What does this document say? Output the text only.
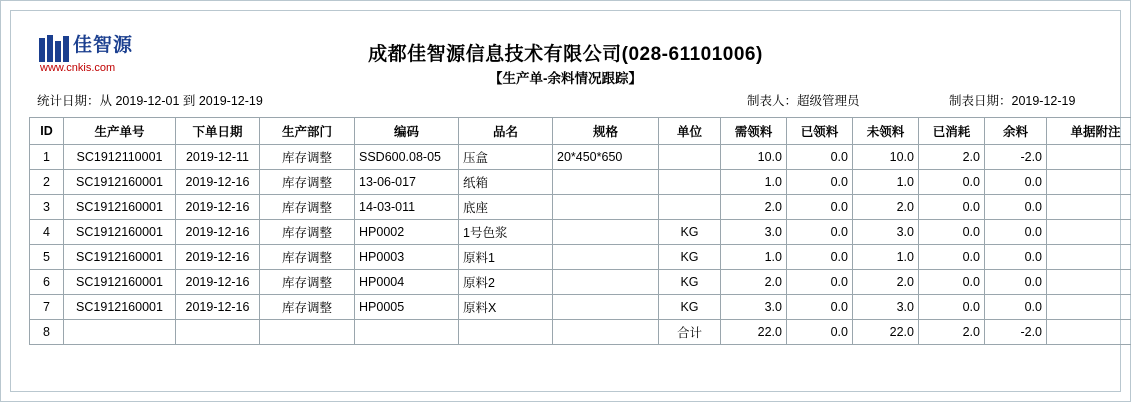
佳智源
www.cnkis.com
成都佳智源信息技术有限公司(028-61101006)
【生产单-余料情况跟踪】
统计日期：从 2019-12-01 到 2019-12-19	制表人：超级管理员	制表日期：2019-12-19
ID	生产单号	下单日期	生产部门	编码	品名	规格	单位	需领料	已领料	未领料	已消耗	余料	单据附注
1	SC1912110001	2019-12-11	库存调整	SSD600.08-05	压盒	20*450*650		10.0	0.0	10.0	2.0	-2.0	
2	SC1912160001	2019-12-16	库存调整	13-06-017	纸箱			1.0	0.0	1.0	0.0	0.0	
3	SC1912160001	2019-12-16	库存调整	14-03-011	底座			2.0	0.0	2.0	0.0	0.0	
4	SC1912160001	2019-12-16	库存调整	HP0002	1号色浆		KG	3.0	0.0	3.0	0.0	0.0	
5	SC1912160001	2019-12-16	库存调整	HP0003	原料1		KG	1.0	0.0	1.0	0.0	0.0	
6	SC1912160001	2019-12-16	库存调整	HP0004	原料2		KG	2.0	0.0	2.0	0.0	0.0	
7	SC1912160001	2019-12-16	库存调整	HP0005	原料X		KG	3.0	0.0	3.0	0.0	0.0	
8							合计	22.0	0.0	22.0	2.0	-2.0	
